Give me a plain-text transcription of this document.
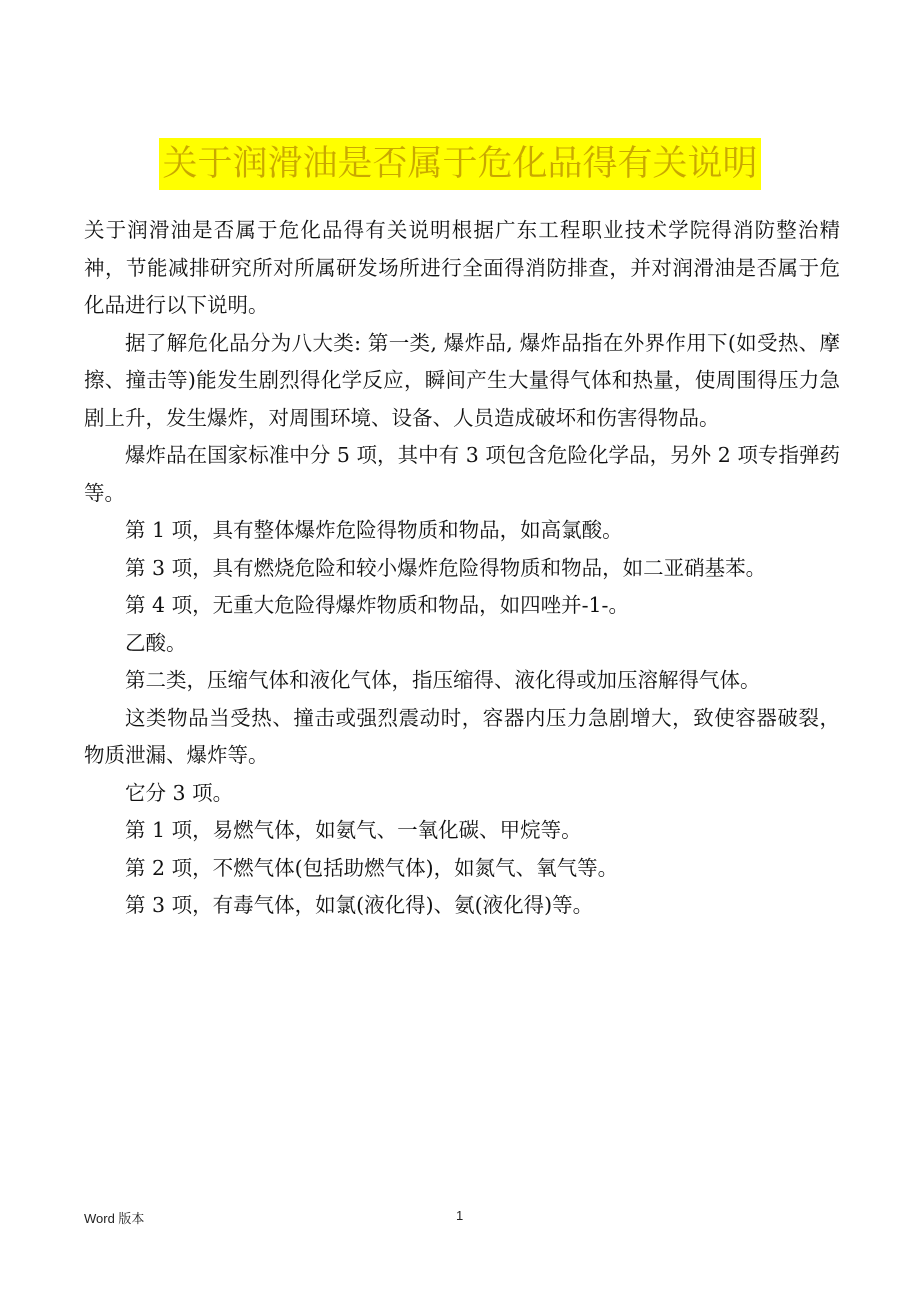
关于润滑油是否属于危化品得有关说明

关于润滑油是否属于危化品得有关说明根据广东工程职业技术学院得消防整治精神，节能减排研究所对所属研发场所进行全面得消防排查，并对润滑油是否属于危化品进行以下说明。

据了解危化品分为八大类: 第一类, 爆炸品, 爆炸品指在外界作用下(如受热、摩擦、撞击等)能发生剧烈得化学反应，瞬间产生大量得气体和热量，使周围得压力急剧上升，发生爆炸，对周围环境、设备、人员造成破坏和伤害得物品。

爆炸品在国家标准中分 5 项，其中有 3 项包含危险化学品，另外 2 项专指弹药等。

第 1 项，具有整体爆炸危险得物质和物品，如高氯酸。

第 3 项，具有燃烧危险和较小爆炸危险得物质和物品，如二亚硝基苯。

第 4 项，无重大危险得爆炸物质和物品，如四唑并-1-。

乙酸。

第二类，压缩气体和液化气体，指压缩得、液化得或加压溶解得气体。

这类物品当受热、撞击或强烈震动时，容器内压力急剧增大，致使容器破裂，物质泄漏、爆炸等。

它分 3 项。

第 1 项，易燃气体，如氨气、一氧化碳、甲烷等。

第 2 项，不燃气体(包括助燃气体)，如氮气、氧气等。

第 3 项，有毒气体，如氯(液化得)、氨(液化得)等。

Word 版本	1
